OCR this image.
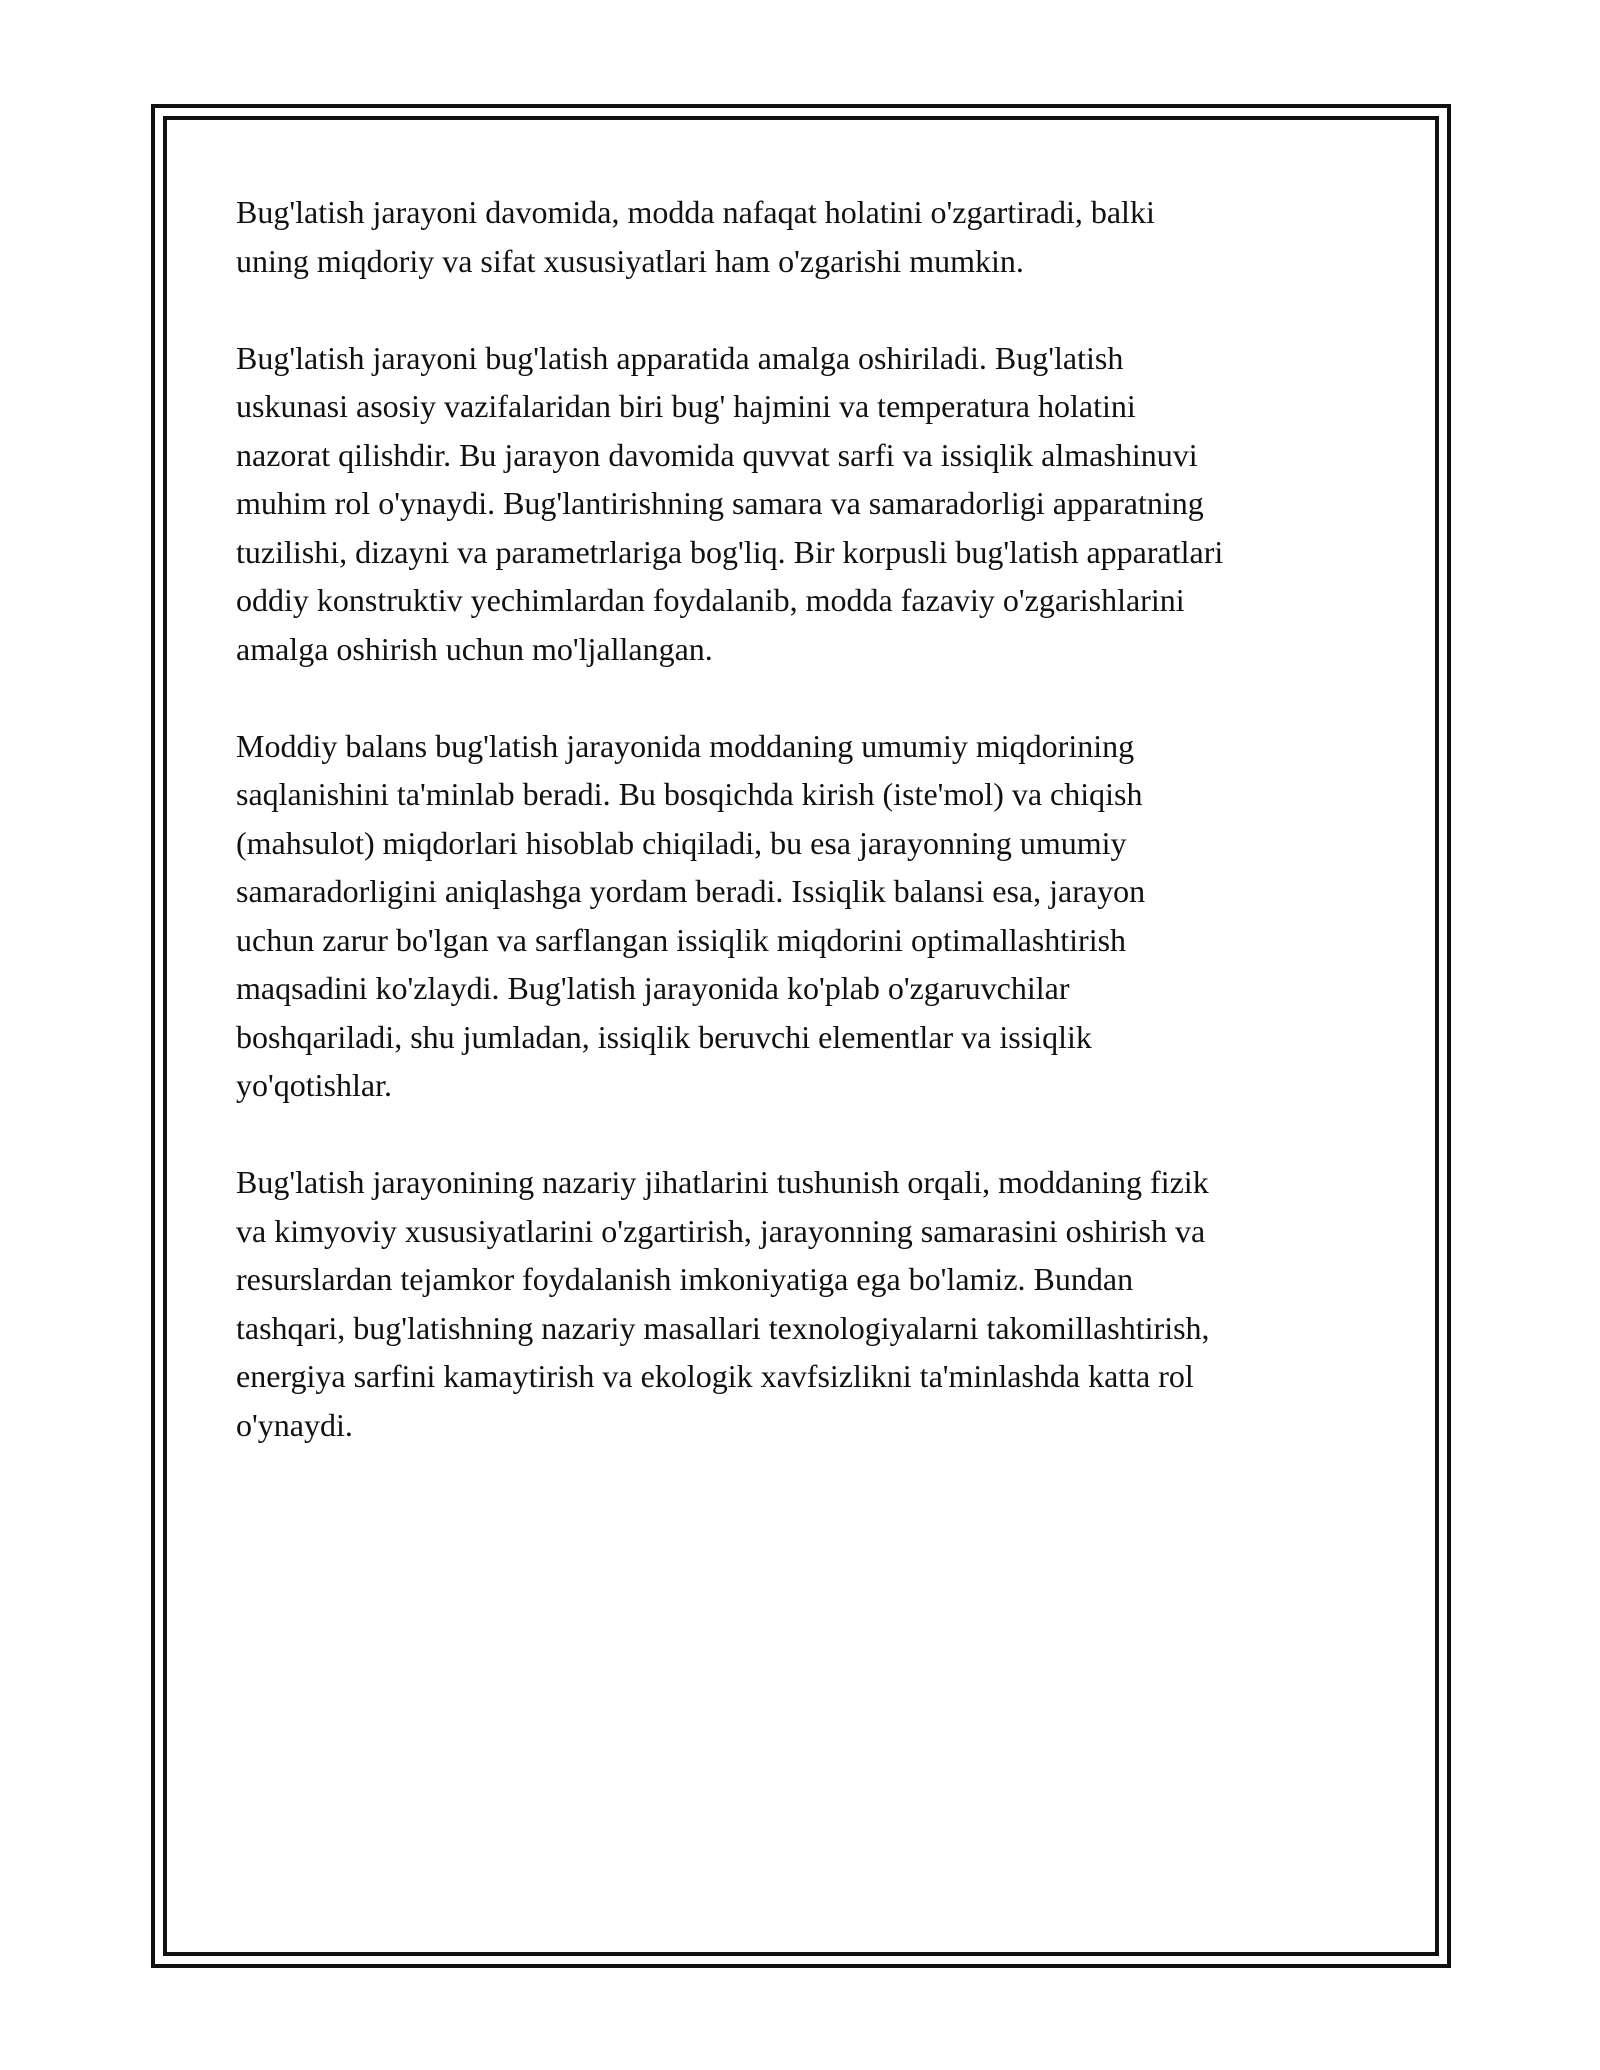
Bug'latish jarayoni davomida, modda nafaqat holatini o'zgartiradi, balki
uning miqdoriy va sifat xususiyatlari ham o'zgarishi mumkin.

Bug'latish jarayoni bug'latish apparatida amalga oshiriladi. Bug'latish
uskunasi asosiy vazifalaridan biri bug' hajmini va temperatura holatini
nazorat qilishdir. Bu jarayon davomida quvvat sarfi va issiqlik almashinuvi
muhim rol o'ynaydi. Bug'lantirishning samara va samaradorligi apparatning
tuzilishi, dizayni va parametrlariga bog'liq. Bir korpusli bug'latish apparatlari
oddiy konstruktiv yechimlardan foydalanib, modda fazaviy o'zgarishlarini
amalga oshirish uchun mo'ljallangan.

Moddiy balans bug'latish jarayonida moddaning umumiy miqdorining
saqlanishini ta'minlab beradi. Bu bosqichda kirish (iste'mol) va chiqish
(mahsulot) miqdorlari hisoblab chiqiladi, bu esa jarayonning umumiy
samaradorligini aniqlashga yordam beradi. Issiqlik balansi esa, jarayon
uchun zarur bo'lgan va sarflangan issiqlik miqdorini optimallashtirish
maqsadini ko'zlaydi. Bug'latish jarayonida ko'plab o'zgaruvchilar
boshqariladi, shu jumladan, issiqlik beruvchi elementlar va issiqlik
yo'qotishlar.

Bug'latish jarayonining nazariy jihatlarini tushunish orqali, moddaning fizik
va kimyoviy xususiyatlarini o'zgartirish, jarayonning samarasini oshirish va
resurslardan tejamkor foydalanish imkoniyatiga ega bo'lamiz. Bundan
tashqari, bug'latishning nazariy masallari texnologiyalarni takomillashtirish,
energiya sarfini kamaytirish va ekologik xavfsizlikni ta'minlashda katta rol
o'ynaydi.
